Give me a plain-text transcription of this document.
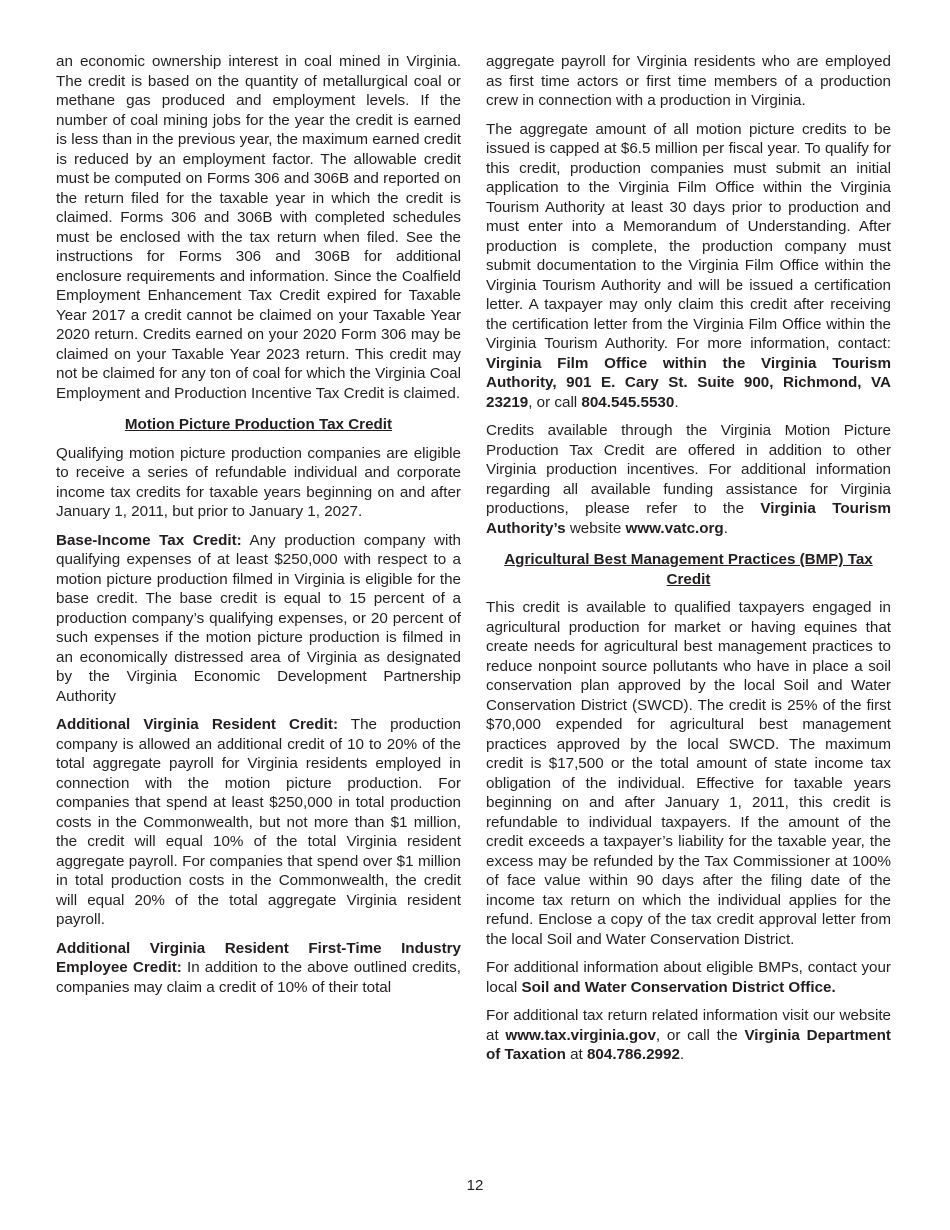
an economic ownership interest in coal mined in Virginia. The credit is based on the quantity of metallurgical coal or methane gas produced and employment levels. If the number of coal mining jobs for the year the credit is earned is less than in the previous year, the maximum earned credit is reduced by an employment factor. The allowable credit must be computed on Forms 306 and 306B and reported on the return filed for the taxable year in which the credit is claimed. Forms 306 and 306B with completed schedules must be enclosed with the tax return when filed. See the instructions for Forms 306 and 306B for additional enclosure requirements and information. Since the Coalfield Employment Enhancement Tax Credit expired for Taxable Year 2017 a credit cannot be claimed on your Taxable Year 2020 return. Credits earned on your 2020 Form 306 may be claimed on your Taxable Year 2023 return. This credit may not be claimed for any ton of coal for which the Virginia Coal Employment and Production Incentive Tax Credit is claimed.

Motion Picture Production Tax Credit

Qualifying motion picture production companies are eligible to receive a series of refundable individual and corporate income tax credits for taxable years beginning on and after January 1, 2011, but prior to January 1, 2027.

Base-Income Tax Credit: Any production company with qualifying expenses of at least $250,000 with respect to a motion picture production filmed in Virginia is eligible for the base credit. The base credit is equal to 15 percent of a production company’s qualifying expenses, or 20 percent of such expenses if the motion picture production is filmed in an economically distressed area of Virginia as designated by the Virginia Economic Development Partnership Authority

Additional Virginia Resident Credit: The production company is allowed an additional credit of 10 to 20% of the total aggregate payroll for Virginia residents employed in connection with the motion picture production. For companies that spend at least $250,000 in total production costs in the Commonwealth, but not more than $1 million, the credit will equal 10% of the total Virginia resident aggregate payroll. For companies that spend over $1 million in total production costs in the Commonwealth, the credit will equal 20% of the total aggregate Virginia resident payroll.

Additional Virginia Resident First-Time Industry Employee Credit: In addition to the above outlined credits, companies may claim a credit of 10% of their total

aggregate payroll for Virginia residents who are employed as first time actors or first time members of a production crew in connection with a production in Virginia.

The aggregate amount of all motion picture credits to be issued is capped at $6.5 million per fiscal year. To qualify for this credit, production companies must submit an initial application to the Virginia Film Office within the Virginia Tourism Authority at least 30 days prior to production and must enter into a Memorandum of Understanding. After production is complete, the production company must submit documentation to the Virginia Film Office within the Virginia Tourism Authority and will be issued a certification letter. A taxpayer may only claim this credit after receiving the certification letter from the Virginia Film Office within the Virginia Tourism Authority. For more information, contact: Virginia Film Office within the Virginia Tourism Authority, 901 E. Cary St. Suite 900, Richmond, VA 23219, or call 804.545.5530.

Credits available through the Virginia Motion Picture Production Tax Credit are offered in addition to other Virginia production incentives. For additional information regarding all available funding assistance for Virginia productions, please refer to the Virginia Tourism Authority’s website www.vatc.org.

Agricultural Best Management Practices (BMP) Tax Credit

This credit is available to qualified taxpayers engaged in agricultural production for market or having equines that create needs for agricultural best management practices to reduce nonpoint source pollutants who have in place a soil conservation plan approved by the local Soil and Water Conservation District (SWCD). The credit is 25% of the first $70,000 expended for agricultural best management practices approved by the local SWCD. The maximum credit is $17,500 or the total amount of state income tax obligation of the individual. Effective for taxable years beginning on and after January 1, 2011, this credit is refundable to individual taxpayers. If the amount of the credit exceeds a taxpayer’s liability for the taxable year, the excess may be refunded by the Tax Commissioner at 100% of face value within 90 days after the filing date of the income tax return on which the individual applies for the refund. Enclose a copy of the tax credit approval letter from the local Soil and Water Conservation District.

For additional information about eligible BMPs, contact your local Soil and Water Conservation District Office.

For additional tax return related information visit our website at www.tax.virginia.gov, or call the Virginia Department of Taxation at 804.786.2992.

12
